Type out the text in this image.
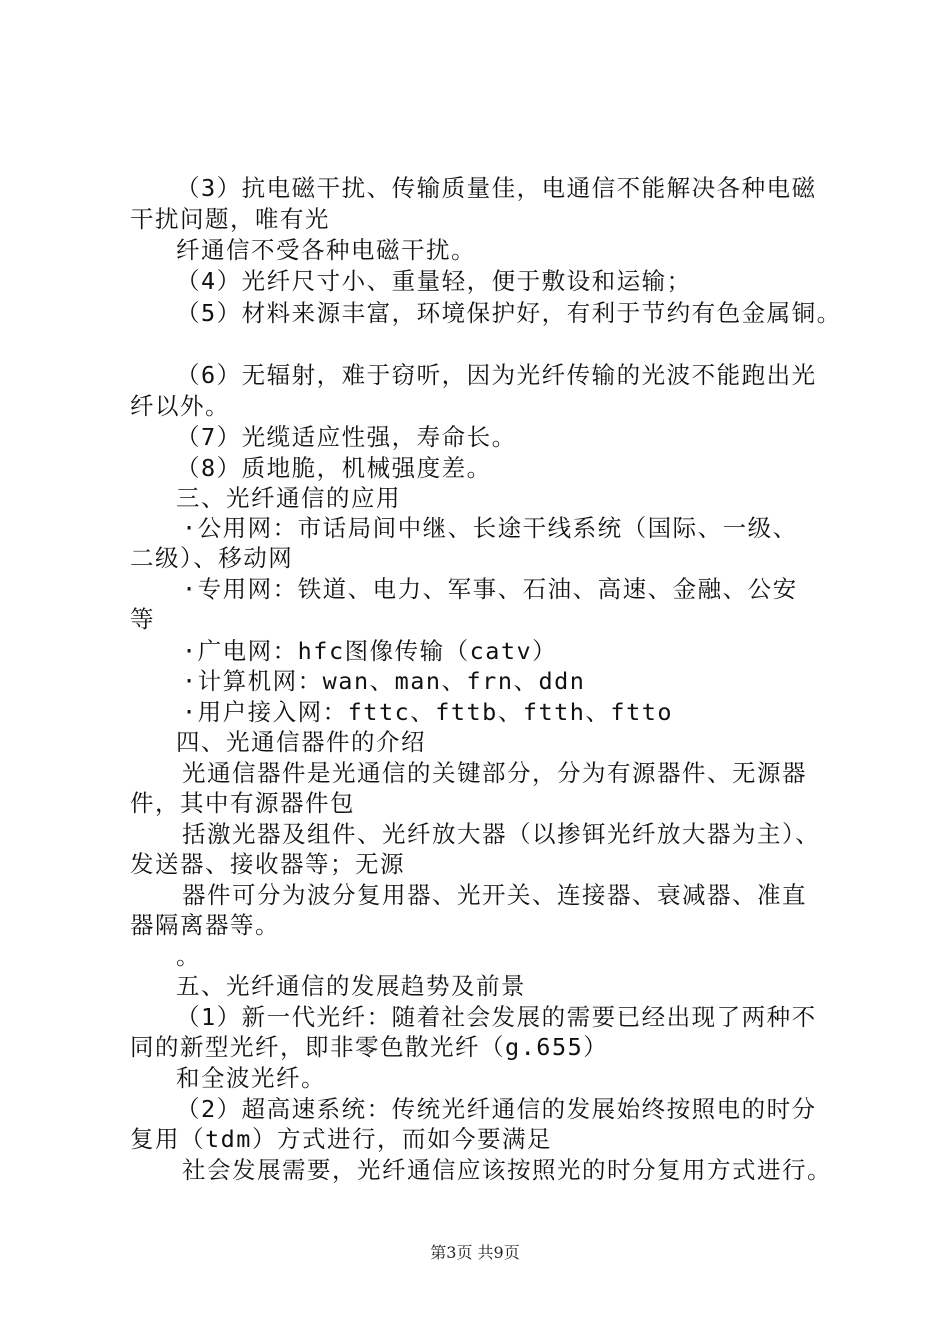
（3）抗电磁干扰、传输质量佳，电通信不能解决各种电磁
干扰问题，唯有光
纤通信不受各种电磁干扰。
（4）光纤尺寸小、重量轻，便于敷设和运输；
（5）材料来源丰富，环境保护好，有利于节约有色金属铜。
（6）无辐射，难于窃听，因为光纤传输的光波不能跑出光
纤以外。
（7）光缆适应性强，寿命长。
（8）质地脆，机械强度差。
三、光纤通信的应用
·公用网：市话局间中继、长途干线系统（国际、一级、
二级）、移动网
·专用网：铁道、电力、军事、石油、高速、金融、公安
等
·广电网：hfc图像传输（catv）
·计算机网：wan、man、frn、ddn
·用户接入网：fttc、fttb、ftth、ftto
四、光通信器件的介绍
光通信器件是光通信的关键部分，分为有源器件、无源器
件，其中有源器件包
括激光器及组件、光纤放大器（以掺铒光纤放大器为主）、
发送器、接收器等；无源
器件可分为波分复用器、光开关、连接器、衰减器、准直
器隔离器等。
。
五、光纤通信的发展趋势及前景
（1）新一代光纤：随着社会发展的需要已经出现了两种不
同的新型光纤，即非零色散光纤（g.655）
和全波光纤。
（2）超高速系统：传统光纤通信的发展始终按照电的时分
复用（tdm）方式进行，而如今要满足
社会发展需要，光纤通信应该按照光的时分复用方式进行。
第3页 共9页
